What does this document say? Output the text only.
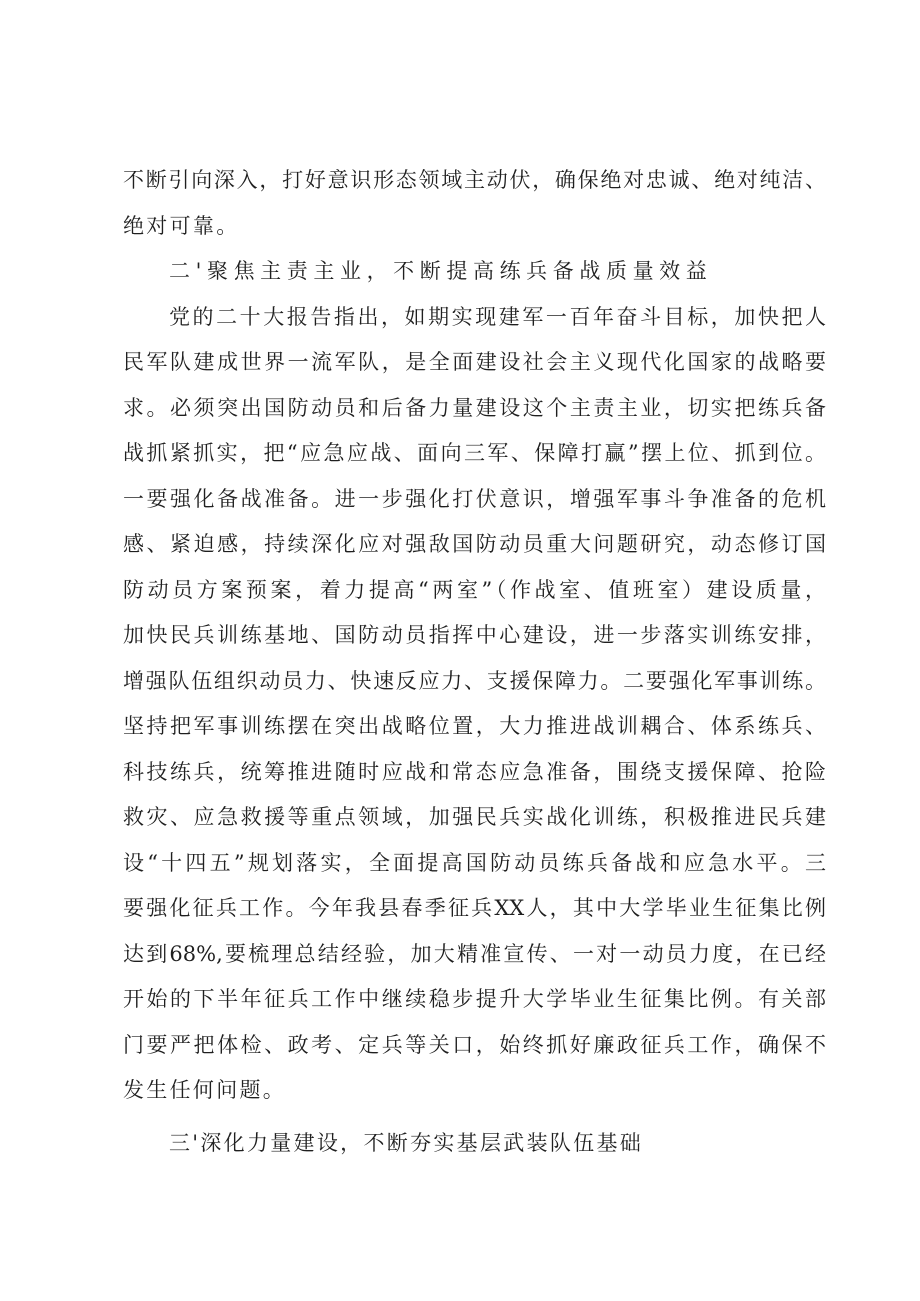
不断引向深入，打好意识形态领域主动伏，确保绝对忠诚、绝对纯洁、
绝对可靠。
二'聚焦主责主业，不断提高练兵备战质量效益
党的二十大报告指出，如期实现建军一百年奋斗目标，加快把人
民军队建成世界一流军队，是全面建设社会主义现代化国家的战略要
求。必须突出国防动员和后备力量建设这个主责主业，切实把练兵备
战抓紧抓实，把“应急应战、面向三军、保障打赢”摆上位、抓到位。
一要强化备战准备。进一步强化打伏意识，增强军事斗争准备的危机
感、紧迫感，持续深化应对强敌国防动员重大问题研究，动态修订国
防动员方案预案，着力提高“两室”（作战室、值班室）建设质量，
加快民兵训练基地、国防动员指挥中心建设，进一步落实训练安排，
增强队伍组织动员力、快速反应力、支援保障力。二要强化军事训练。
坚持把军事训练摆在突出战略位置，大力推进战训耦合、体系练兵、
科技练兵，统筹推进随时应战和常态应急准备，围绕支援保障、抢险
救灾、应急救援等重点领域，加强民兵实战化训练，积极推进民兵建
设“十四五”规划落实，全面提高国防动员练兵备战和应急水平。三
要强化征兵工作。今年我县春季征兵XX人，其中大学毕业生征集比例
达到68%,要梳理总结经验，加大精准宣传、一对一动员力度，在已经
开始的下半年征兵工作中继续稳步提升大学毕业生征集比例。有关部
门要严把体检、政考、定兵等关口，始终抓好廉政征兵工作，确保不
发生任何问题。
三'深化力量建设，不断夯实基层武装队伍基础
